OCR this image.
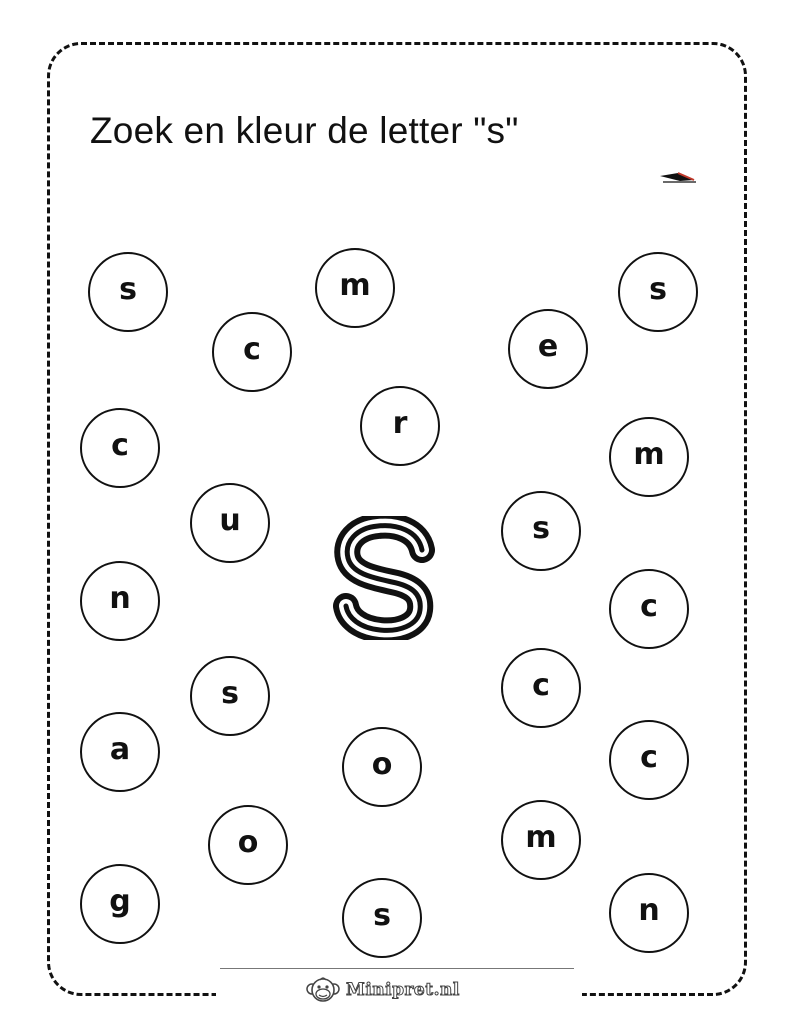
Zoek en kleur de letter "s"
s	m	s
c	e
r
c	m
u	s
n	c
s	c
a	o	c
o	m
g	s	n
Minipret.nl
